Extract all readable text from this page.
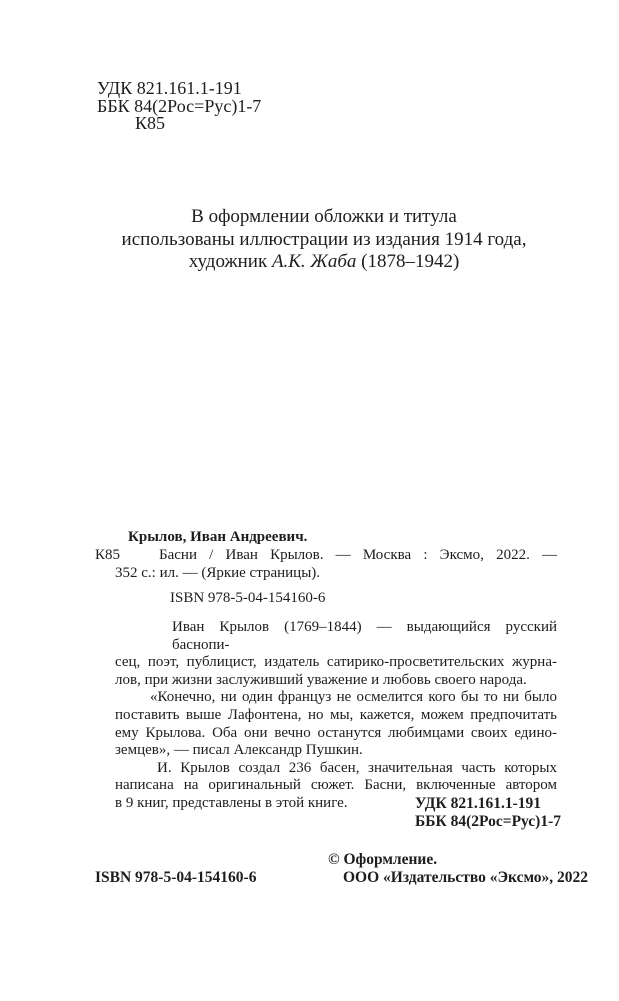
УДК 821.161.1-191
ББК 84(2Рос=Рус)1-7
К85
В оформлении обложки и титула
использованы иллюстрации из издания 1914 года,
художник А.К. Жаба (1878–1942)
К85
Крылов, Иван Андреевич.
Басни / Иван Крылов. — Москва : Эксмо, 2022. —
352 с.: ил. — (Яркие страницы).
ISBN 978-5-04-154160-6
Иван Крылов (1769–1844) — выдающийся русский баснопи-
сец, поэт, публицист, издатель сатирико-просветительских журна-
лов, при жизни заслуживший уважение и любовь своего народа.
«Конечно, ни один француз не осмелится кого бы то ни было
поставить выше Лафонтена, но мы, кажется, можем предпочитать
ему Крылова. Оба они вечно останутся любимцами своих едино-
земцев», — писал Александр Пушкин.
И. Крылов создал 236 басен, значительная часть которых
написана на оригинальный сюжет. Басни, включенные автором
в 9 книг, представлены в этой книге.	УДК 821.161.1-191
ББК 84(2Рос=Рус)1-7
ISBN 978-5-04-154160-6
© Оформление.
ООО «Издательство «Эксмо», 2022
